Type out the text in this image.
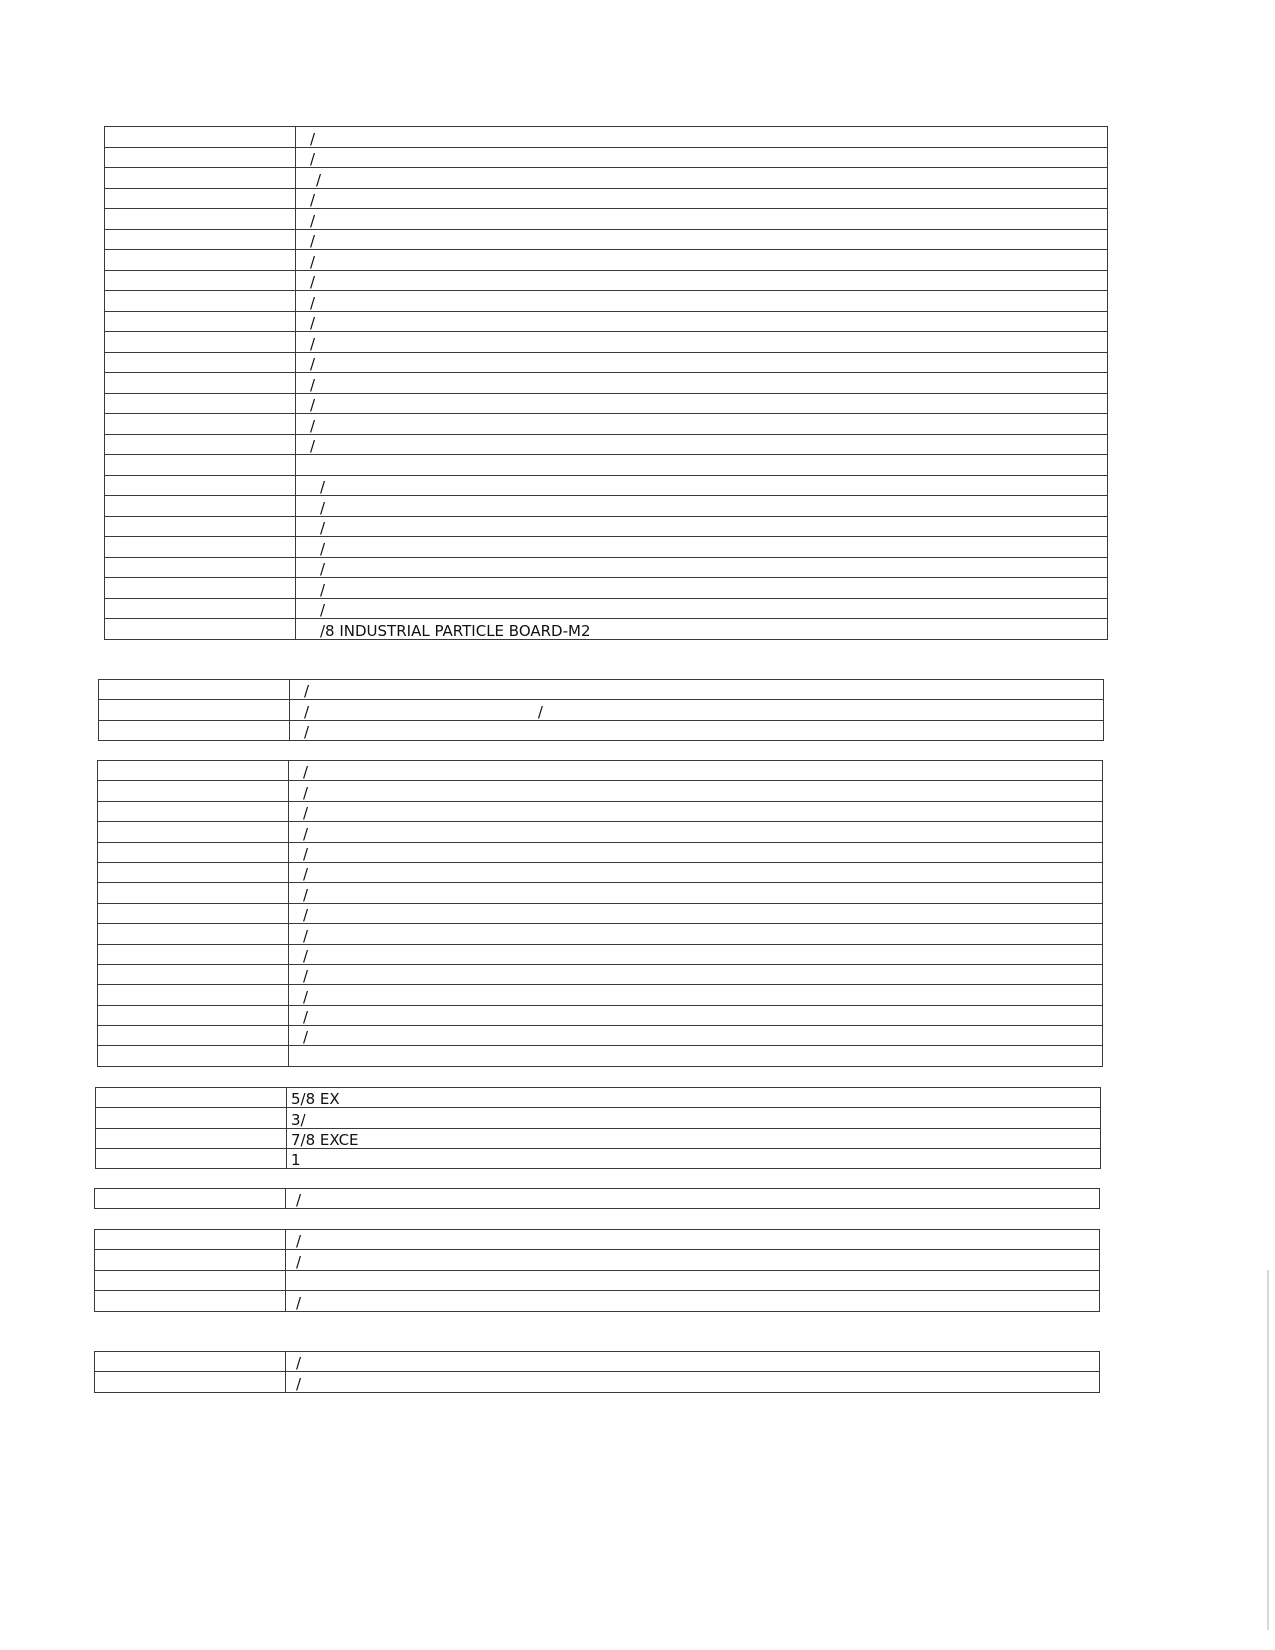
	/
	/
	/
	/
	/
	/
	/
	/
	/
	/
	/
	/
	/
	/
	/
	/

	/
	/
	/
	/
	/
	/
	/
	/8 INDUSTRIAL PARTICLE BOARD-M2
	/
	/                                                /
	/
	/
	/
	/
	/
	/
	/
	/
	/
	/
	/
	/
	/
	/
	/

	5/8 EX
	3/
	7/8 EXCE
	1
	/
	/
	/

	/
	/
	/
